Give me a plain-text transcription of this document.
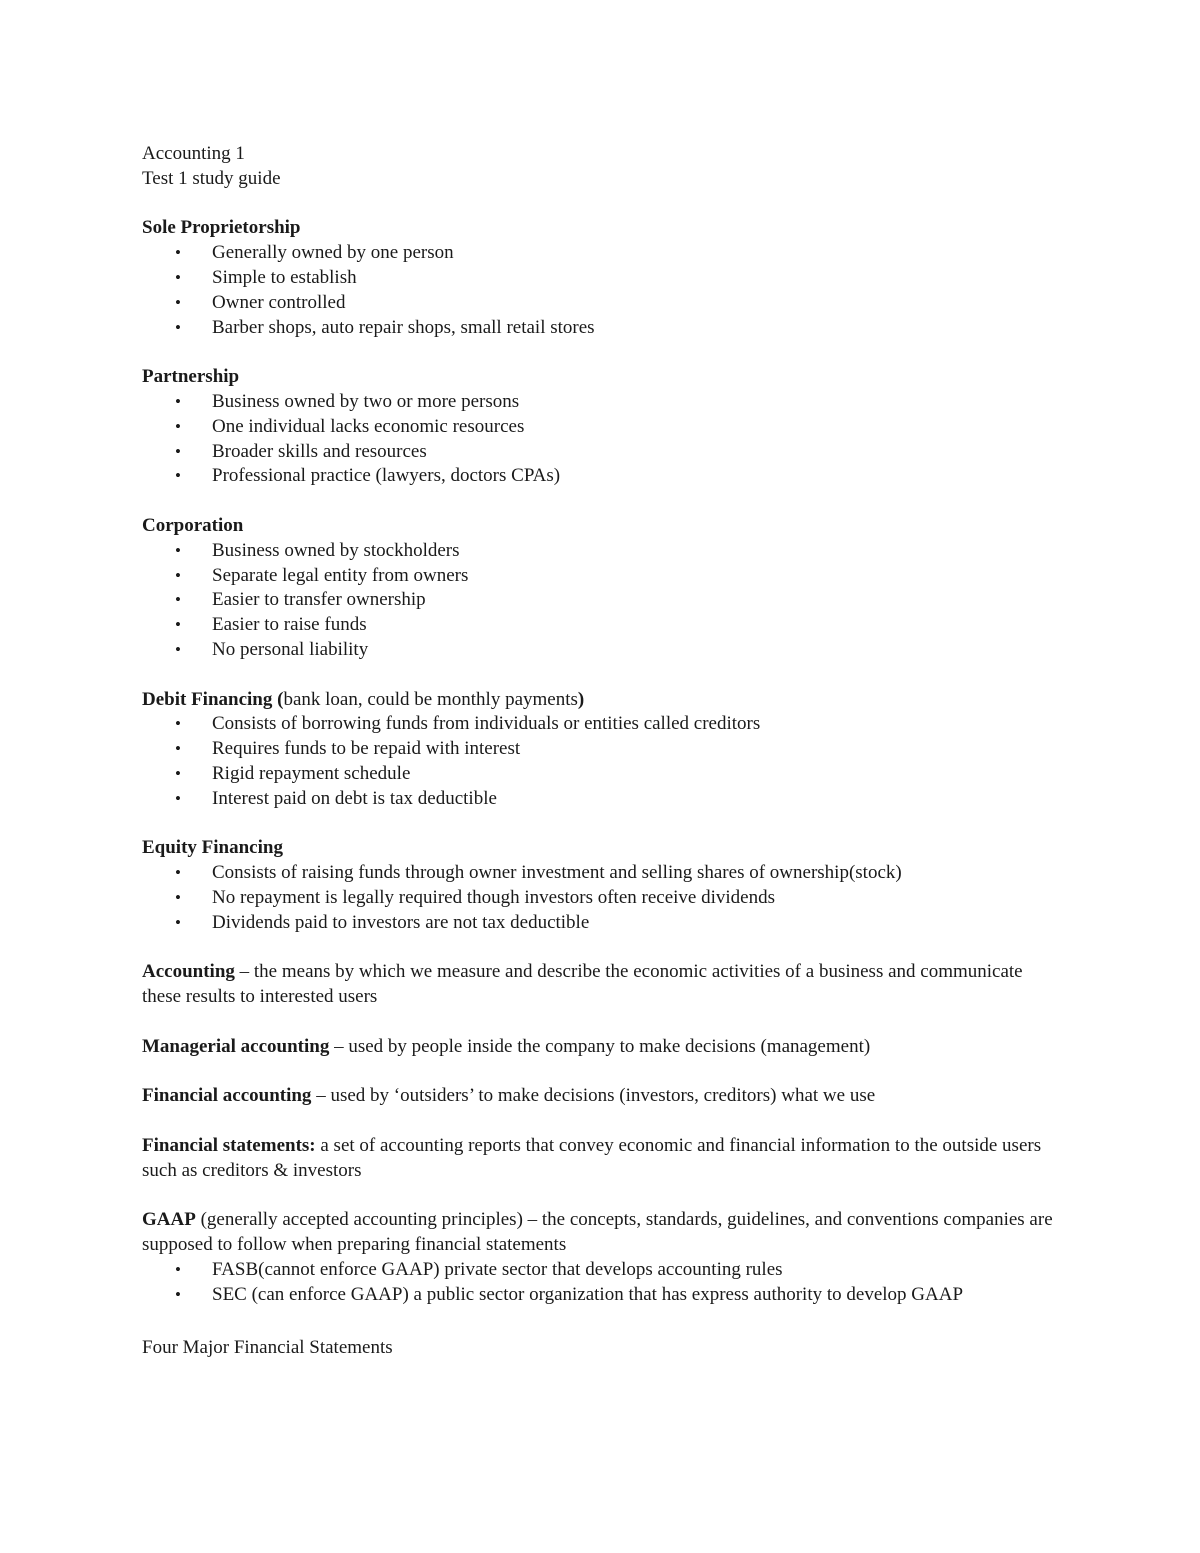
Accounting 1

Test 1 study guide

Sole Proprietorship

• Generally owned by one person
• Simple to establish
• Owner controlled
• Barber shops, auto repair shops, small retail stores

Partnership

• Business owned by two or more persons
• One individual lacks economic resources
• Broader skills and resources
• Professional practice (lawyers, doctors CPAs)

Corporation

• Business owned by stockholders
• Separate legal entity from owners
• Easier to transfer ownership
• Easier to raise funds
• No personal liability

Debit Financing (bank loan, could be monthly payments)

• Consists of borrowing funds from individuals or entities called creditors
• Requires funds to be repaid with interest
• Rigid repayment schedule
• Interest paid on debt is tax deductible

Equity Financing

• Consists of raising funds through owner investment and selling shares of ownership(stock)
• No repayment is legally required though investors often receive dividends
• Dividends paid to investors are not tax deductible

Accounting – the means by which we measure and describe the economic activities of a business and communicate these results to interested users

Managerial accounting – used by people inside the company to make decisions (management)

Financial accounting – used by ‘outsiders’ to make decisions (investors, creditors) what we use

Financial statements: a set of accounting reports that convey economic and financial information to the outside users such as creditors & investors

GAAP (generally accepted accounting principles) – the concepts, standards, guidelines, and conventions companies are supposed to follow when preparing financial statements

• FASB(cannot enforce GAAP) private sector that develops accounting rules
• SEC (can enforce GAAP) a public sector organization that has express authority to develop GAAP

Four Major Financial Statements
